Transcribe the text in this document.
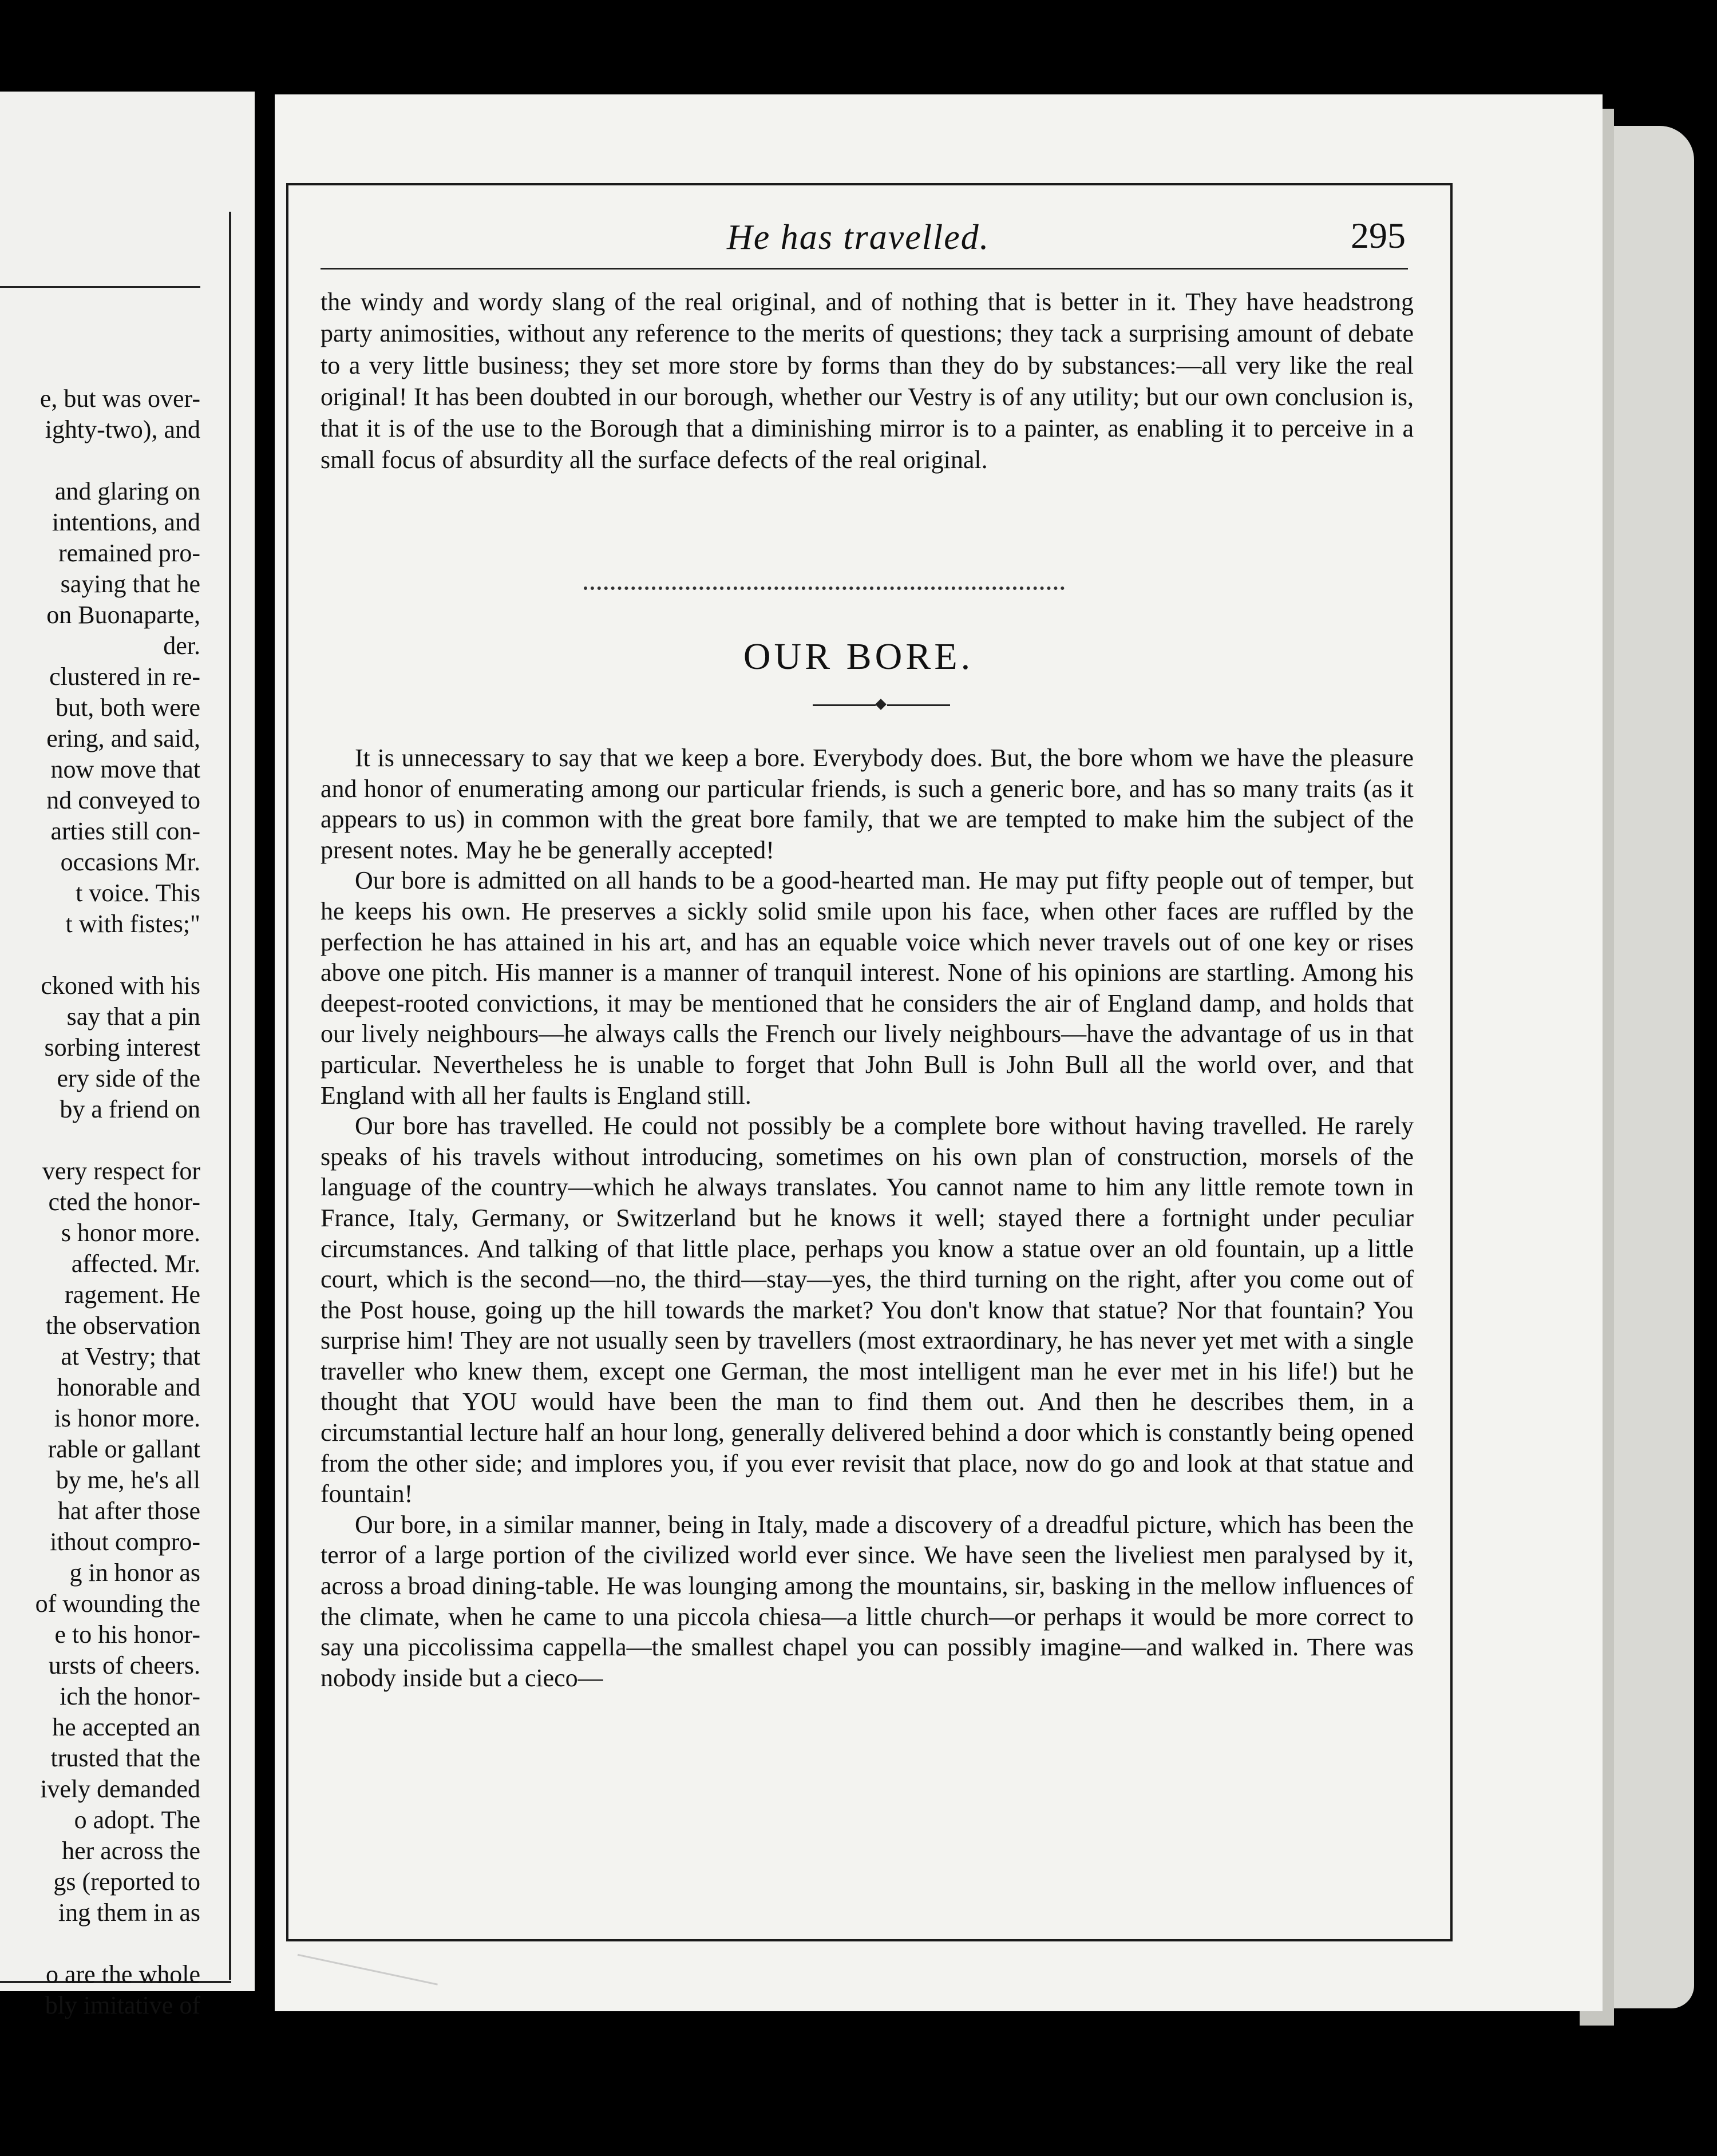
e, but was over-
ighty-two), and
and glaring on
intentions, and
remained pro-
saying that he
on Buonaparte,
der.
clustered in re-
but, both were
ering, and said,
now move that
nd conveyed to
arties still con-
occasions Mr.
t voice. This
t with fistes;"
ckoned with his
say that a pin
sorbing interest
ery side of the
by a friend on
very respect for
cted the honor-
s honor more.
affected. Mr.
ragement. He
the observation
at Vestry; that
honorable and
is honor more.
rable or gallant
by me, he's all
hat after those
ithout compro-
g in honor as
of wounding the
e to his honor-
ursts of cheers.
ich the honor-
he accepted an
trusted that the
ively demanded
o adopt. The
her across the
gs (reported to
ing them in as
o are the whole
bly imitative of
He has travelled.	295

the windy and wordy slang of the real original, and of nothing that is better in it. They have headstrong party animosities, without any reference to the merits of questions; they tack a surprising amount of debate to a very little business; they set more store by forms than they do by substances:—all very like the real original! It has been doubted in our borough, whether our Vestry is of any utility; but our own conclusion is, that it is of the use to the Borough that a diminishing mirror is to a painter, as enabling it to perceive in a small focus of absurdity all the surface defects of the real original.

OUR BORE.

It is unnecessary to say that we keep a bore. Everybody does. But, the bore whom we have the pleasure and honor of enumerating among our particular friends, is such a generic bore, and has so many traits (as it appears to us) in common with the great bore family, that we are tempted to make him the subject of the present notes. May he be generally accepted!

Our bore is admitted on all hands to be a good-hearted man. He may put fifty people out of temper, but he keeps his own. He preserves a sickly solid smile upon his face, when other faces are ruffled by the perfection he has attained in his art, and has an equable voice which never travels out of one key or rises above one pitch. His manner is a manner of tranquil interest. None of his opinions are startling. Among his deepest-rooted convictions, it may be mentioned that he considers the air of England damp, and holds that our lively neighbours—he always calls the French our lively neighbours—have the advantage of us in that particular. Nevertheless he is unable to forget that John Bull is John Bull all the world over, and that England with all her faults is England still.

Our bore has travelled. He could not possibly be a complete bore without having travelled. He rarely speaks of his travels without introducing, sometimes on his own plan of construction, morsels of the language of the country—which he always translates. You cannot name to him any little remote town in France, Italy, Germany, or Switzerland but he knows it well; stayed there a fortnight under peculiar circumstances. And talking of that little place, perhaps you know a statue over an old fountain, up a little court, which is the second—no, the third—stay—yes, the third turning on the right, after you come out of the Post house, going up the hill towards the market? You don't know that statue? Nor that fountain? You surprise him! They are not usually seen by travellers (most extraordinary, he has never yet met with a single traveller who knew them, except one German, the most intelligent man he ever met in his life!) but he thought that YOU would have been the man to find them out. And then he describes them, in a circumstantial lecture half an hour long, generally delivered behind a door which is constantly being opened from the other side; and implores you, if you ever revisit that place, now do go and look at that statue and fountain!

Our bore, in a similar manner, being in Italy, made a discovery of a dreadful picture, which has been the terror of a large portion of the civilized world ever since. We have seen the liveliest men paralysed by it, across a broad dining-table. He was lounging among the mountains, sir, basking in the mellow influences of the climate, when he came to una piccola chiesa—a little church—or perhaps it would be more correct to say una piccolissima cappella—the smallest chapel you can possibly imagine—and walked in. There was nobody inside but a cieco—
